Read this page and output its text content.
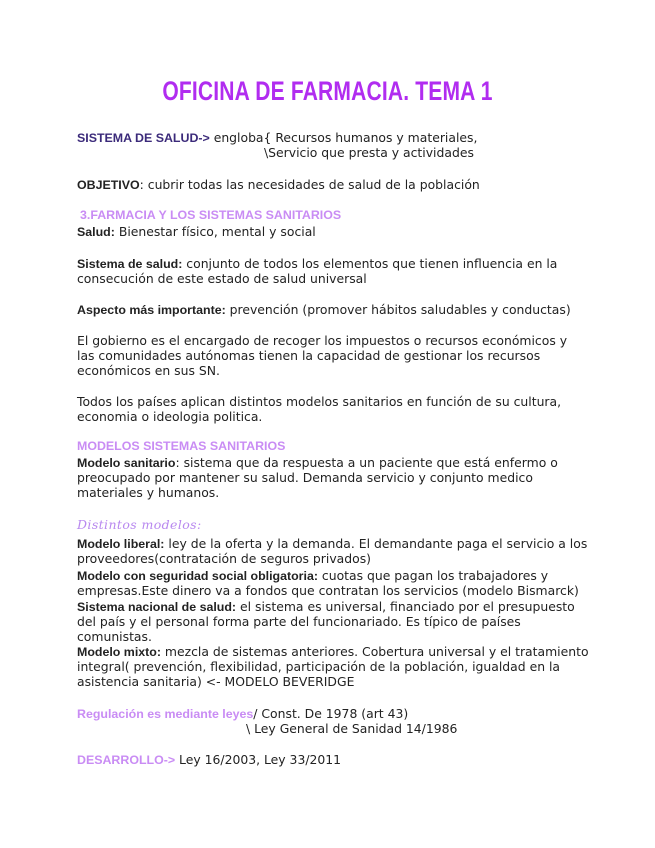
OFICINA DE FARMACIA. TEMA 1
SISTEMA DE SALUD-> engloba{ Recursos humanos y materiales,
\Servicio que presta y actividades
OBJETIVO: cubrir todas las necesidades de salud de la población
3.FARMACIA Y LOS SISTEMAS SANITARIOS
Salud: Bienestar físico, mental y social
Sistema de salud: conjunto de todos los elementos que tienen influencia en la
consecución de este estado de salud universal
Aspecto más importante: prevención (promover hábitos saludables y conductas)
El gobierno es el encargado de recoger los impuestos o recursos económicos y
las comunidades autónomas tienen la capacidad de gestionar los recursos
económicos en sus SN.
Todos los países aplican distintos modelos sanitarios en función de su cultura,
economia o ideologia politica.
MODELOS SISTEMAS SANITARIOS
Modelo sanitario: sistema que da respuesta a un paciente que está enfermo o
preocupado por mantener su salud. Demanda servicio y conjunto medico
materiales y humanos.
Distintos modelos:
Modelo liberal: ley de la oferta y la demanda. El demandante paga el servicio a los
proveedores(contratación de seguros privados)
Modelo con seguridad social obligatoria: cuotas que pagan los trabajadores y
empresas.Este dinero va a fondos que contratan los servicios (modelo Bismarck)
Sistema nacional de salud: el sistema es universal, financiado por el presupuesto
del país y el personal forma parte del funcionariado. Es típico de países
comunistas.
Modelo mixto: mezcla de sistemas anteriores. Cobertura universal y el tratamiento
integral( prevención, flexibilidad, participación de la población, igualdad en la
asistencia sanitaria) <- MODELO BEVERIDGE
Regulación es mediante leyes/ Const. De 1978 (art 43)
\ Ley General de Sanidad 14/1986
DESARROLLO-> Ley 16/2003, Ley 33/2011
